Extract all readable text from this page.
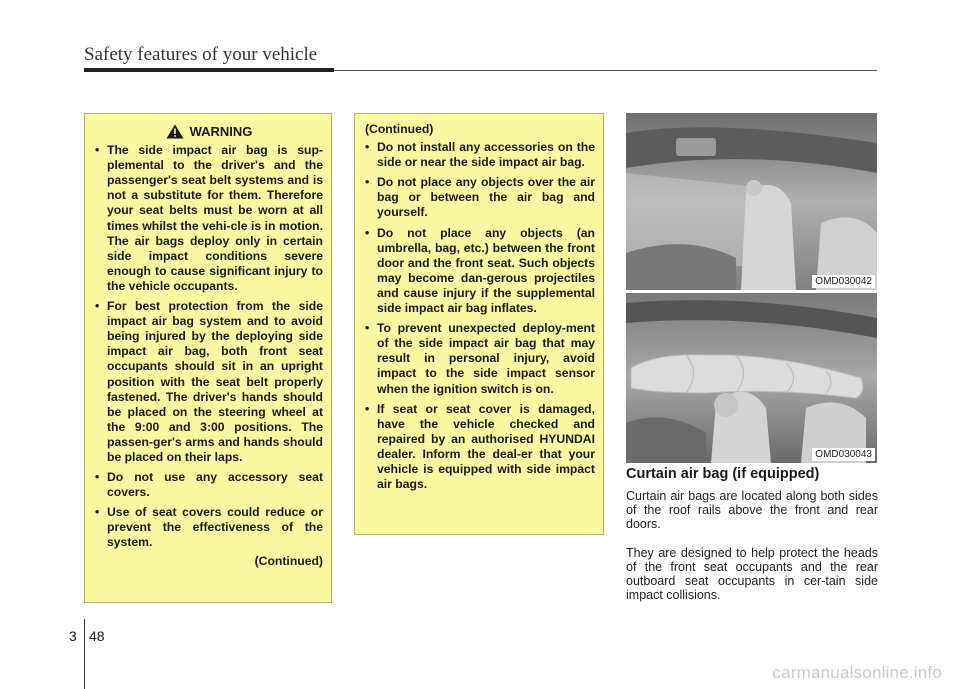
Safety features of your vehicle
WARNING
• The side impact air bag is sup-plemental to the driver's and the passenger's seat belt systems and is not a substitute for them. Therefore your seat belts must be worn at all times whilst the vehi-cle is in motion. The air bags deploy only in certain side impact conditions severe enough to cause significant injury to the vehicle occupants.
• For best protection from the side impact air bag system and to avoid being injured by the deploying side impact air bag, both front seat occupants should sit in an upright position with the seat belt properly fastened. The driver's hands should be placed on the steering wheel at the 9:00 and 3:00 positions. The passen-ger's arms and hands should be placed on their laps.
• Do not use any accessory seat covers.
• Use of seat covers could reduce or prevent the effectiveness of the system.
(Continued)
(Continued)
• Do not install any accessories on the side or near the side impact air bag.
• Do not place any objects over the air bag or between the air bag and yourself.
• Do not place any objects (an umbrella, bag, etc.) between the front door and the front seat. Such objects may become dan-gerous projectiles and cause injury if the supplemental side impact air bag inflates.
• To prevent unexpected deploy-ment of the side impact air bag that may result in personal injury, avoid impact to the side impact sensor when the ignition switch is on.
• If seat or seat cover is damaged, have the vehicle checked and repaired by an authorised HYUNDAI dealer. Inform the deal-er that your vehicle is equipped with side impact air bags.
OMD030042
OMD030043
Curtain air bag (if equipped)
Curtain air bags are located along both sides of the roof rails above the front and rear doors.
They are designed to help protect the heads of the front seat occupants and the rear outboard seat occupants in cer-tain side impact collisions.
3 48
carmanualsonline.info
